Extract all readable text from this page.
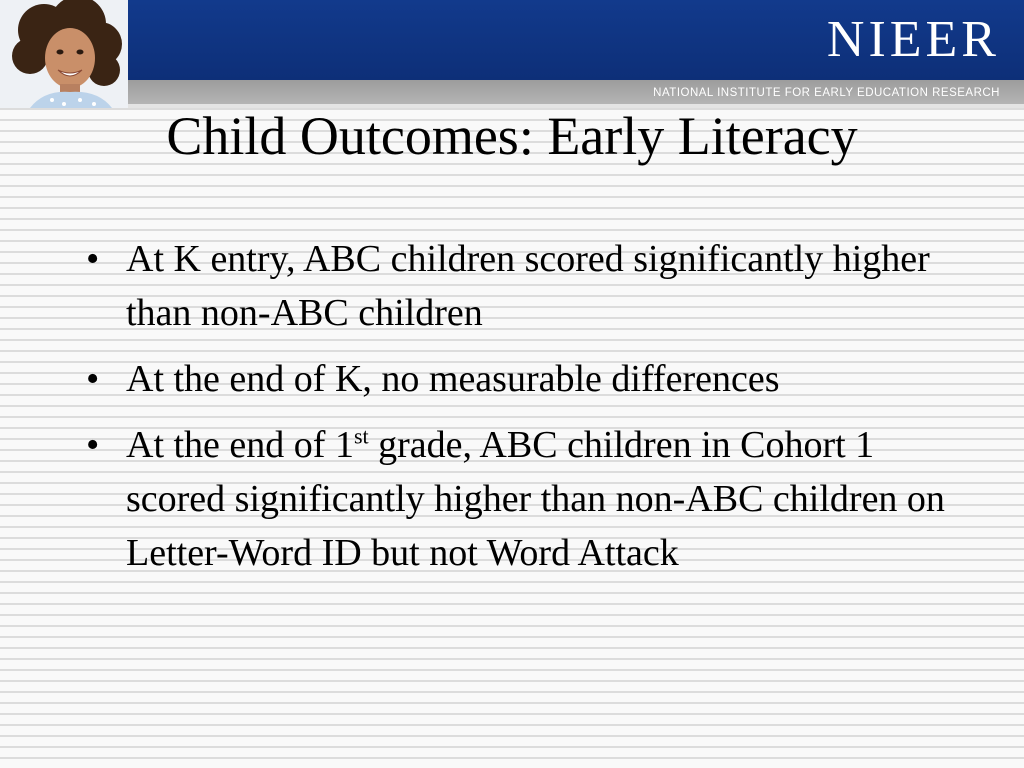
NIEER
NATIONAL INSTITUTE FOR EARLY EDUCATION RESEARCH
Child Outcomes: Early Literacy
• At K entry, ABC children scored significantly higher than non-ABC children
• At the end of K, no measurable differences
• At the end of 1st grade, ABC children in Cohort 1 scored significantly higher than non-ABC children on Letter-Word ID but not Word Attack
